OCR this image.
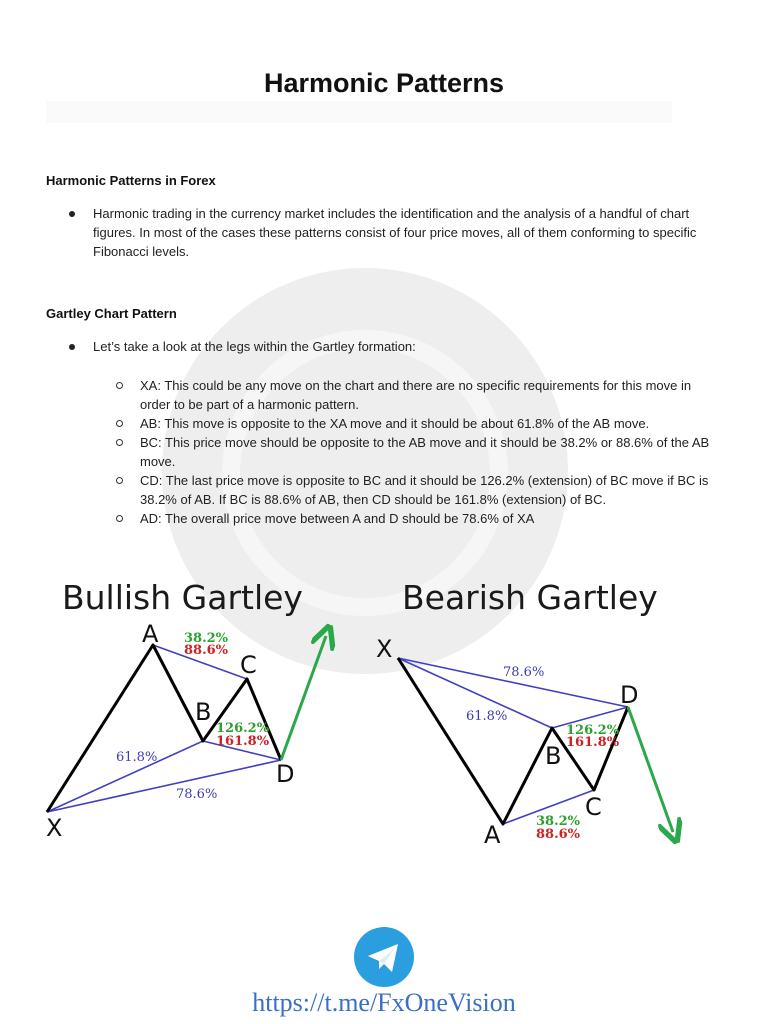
Harmonic Patterns
Harmonic Patterns in Forex
Harmonic trading in the currency market includes the identification and the analysis of a handful of chart figures. In most of the cases these patterns consist of four price moves, all of them conforming to specific Fibonacci levels.
Gartley Chart Pattern
Let’s take a look at the legs within the Gartley formation:
XA: This could be any move on the chart and there are no specific requirements for this move in order to be part of a harmonic pattern.
AB: This move is opposite to the XA move and it should be about 61.8% of the AB move.
BC: This price move should be opposite to the AB move and it should be 38.2% or 88.6% of the AB move.
CD: The last price move is opposite to BC and it should be 126.2% (extension) of BC move if BC is 38.2% of AB. If BC is 88.6% of AB, then CD should be 161.8% (extension) of BC.
AD: The overall price move between A and D should be 78.6% of XA
Bullish Gartley	Bearish Gartley
A
B
C
D
X
38.2%
88.6%
126.2%
161.8%
61.8%
78.6%
X
A
B
C
D
78.6%
61.8%
126.2%
161.8%
38.2%
88.6%
https://t.me/FxOneVision
